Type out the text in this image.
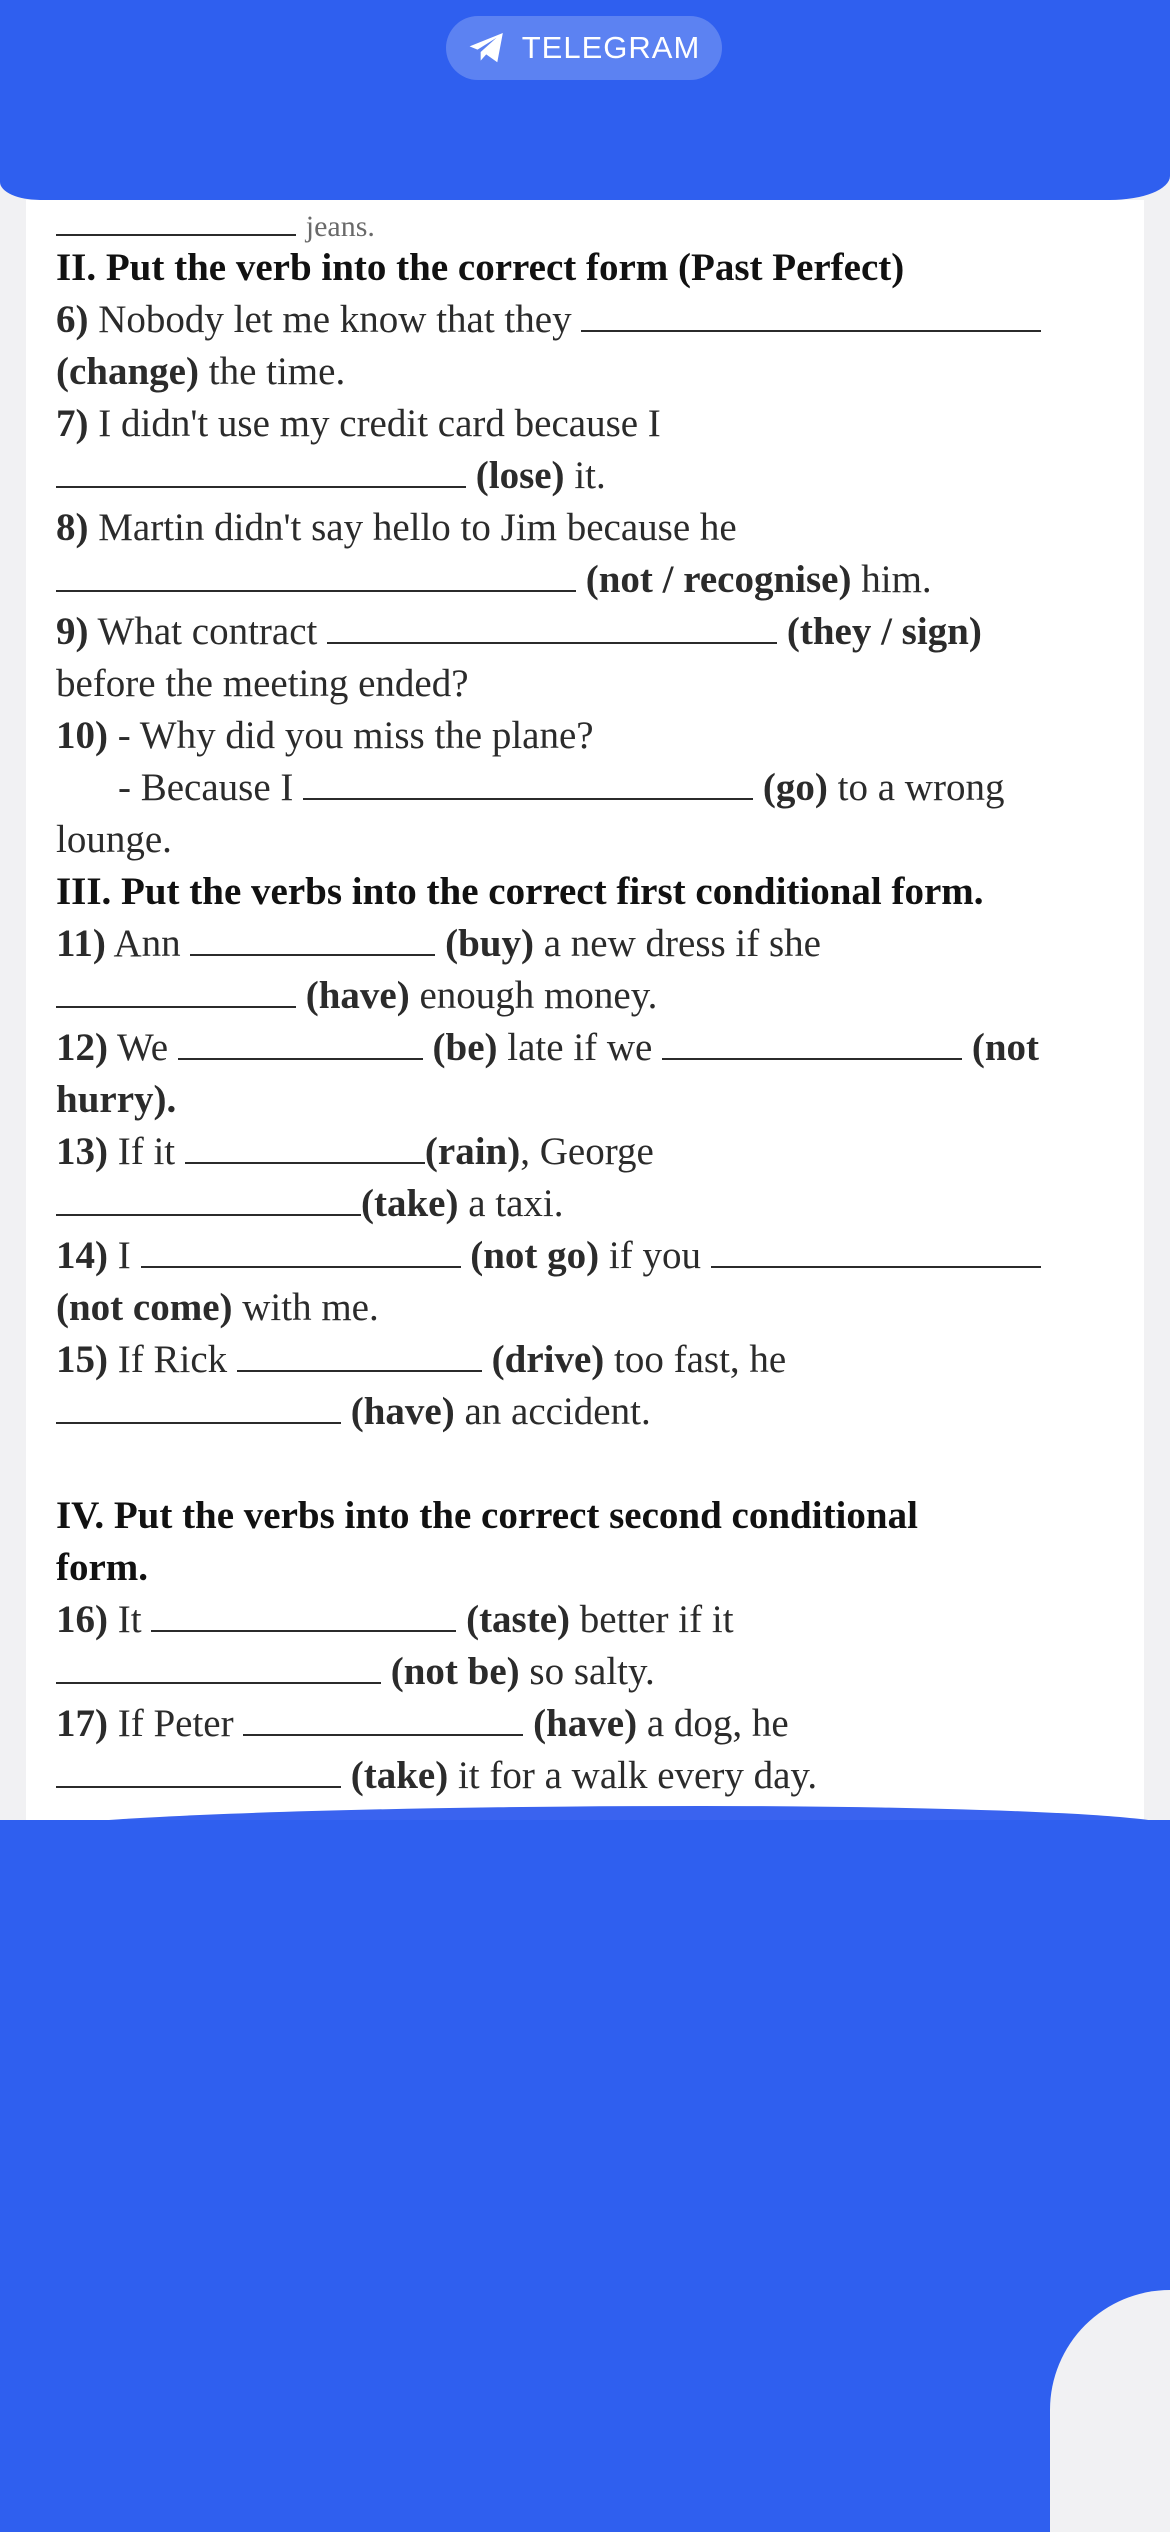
TELEGRAM
jeans.
II. Put the verb into the correct form (Past Perfect)
6) Nobody let me know that they
(change) the time.
7) I didn't use my credit card because I
(lose) it.
8) Martin didn't say hello to Jim because he
(not / recognise) him.
9) What contract	(they / sign)
before the meeting ended?
10) - Why did you miss the plane?
- Because I	(go) to a wrong
lounge.
III. Put the verbs into the correct first conditional form.
11) Ann	(buy) a new dress if she
(have) enough money.
12) We	(be) late if we	(not
hurry).
13) If it	(rain), George
(take) a taxi.
14) I	(not go) if you
(not come) with me.
15) If Rick	(drive) too fast, he
(have) an accident.
IV. Put the verbs into the correct second conditional
form.
16) It	(taste) better if it
(not be) so salty.
17) If Peter	(have) a dog, he
(take) it for a walk every day.
